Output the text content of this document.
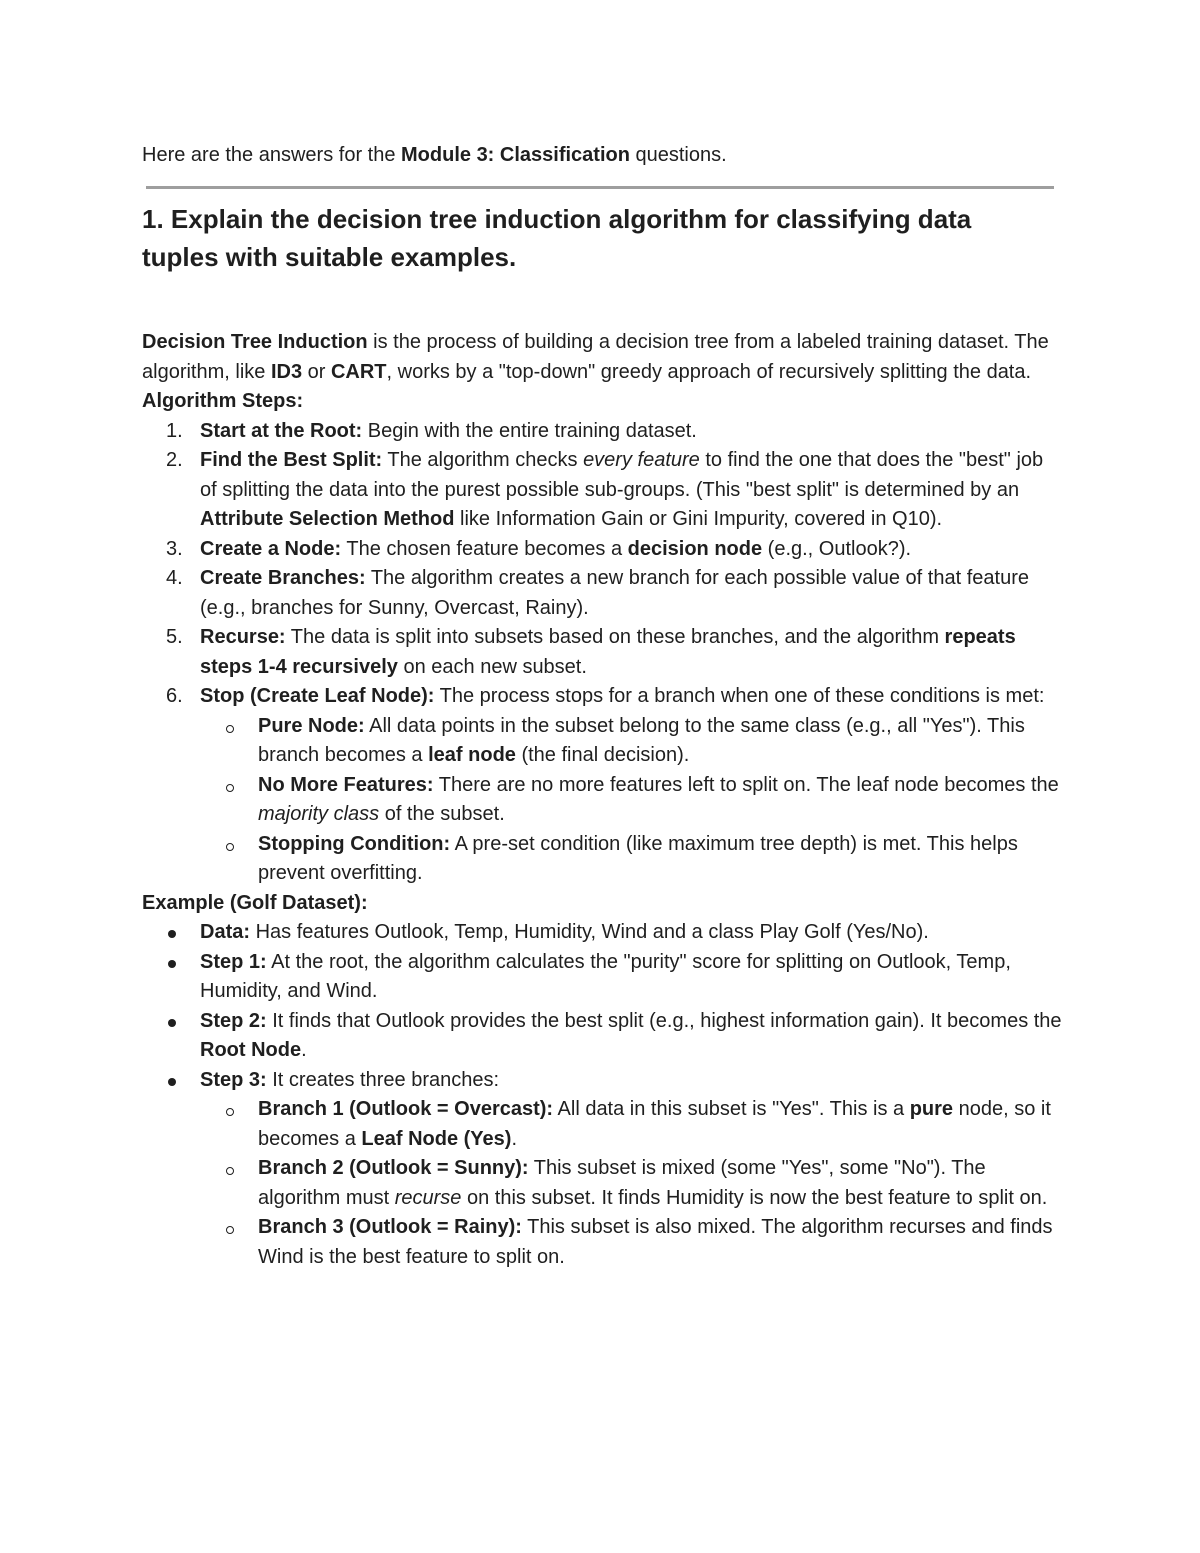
Here are the answers for the Module 3: Classification questions.

1. Explain the decision tree induction algorithm for classifying data tuples with suitable examples.

Decision Tree Induction is the process of building a decision tree from a labeled training dataset. The algorithm, like ID3 or CART, works by a "top-down" greedy approach of recursively splitting the data.

Algorithm Steps:

1. Start at the Root: Begin with the entire training dataset.
2. Find the Best Split: The algorithm checks every feature to find the one that does the "best" job of splitting the data into the purest possible sub-groups. (This "best split" is determined by an Attribute Selection Method like Information Gain or Gini Impurity, covered in Q10).
3. Create a Node: The chosen feature becomes a decision node (e.g., Outlook?).
4. Create Branches: The algorithm creates a new branch for each possible value of that feature (e.g., branches for Sunny, Overcast, Rainy).
5. Recurse: The data is split into subsets based on these branches, and the algorithm repeats steps 1-4 recursively on each new subset.
6. Stop (Create Leaf Node): The process stops for a branch when one of these conditions is met:
Pure Node: All data points in the subset belong to the same class (e.g., all "Yes"). This branch becomes a leaf node (the final decision).
No More Features: There are no more features left to split on. The leaf node becomes the majority class of the subset.
Stopping Condition: A pre-set condition (like maximum tree depth) is met. This helps prevent overfitting.

Example (Golf Dataset):

Data: Has features Outlook, Temp, Humidity, Wind and a class Play Golf (Yes/No).
Step 1: At the root, the algorithm calculates the "purity" score for splitting on Outlook, Temp, Humidity, and Wind.
Step 2: It finds that Outlook provides the best split (e.g., highest information gain). It becomes the Root Node.
Step 3: It creates three branches:
Branch 1 (Outlook = Overcast): All data in this subset is "Yes". This is a pure node, so it becomes a Leaf Node (Yes).
Branch 2 (Outlook = Sunny): This subset is mixed (some "Yes", some "No"). The algorithm must recurse on this subset. It finds Humidity is now the best feature to split on.
Branch 3 (Outlook = Rainy): This subset is also mixed. The algorithm recurses and finds Wind is the best feature to split on.
